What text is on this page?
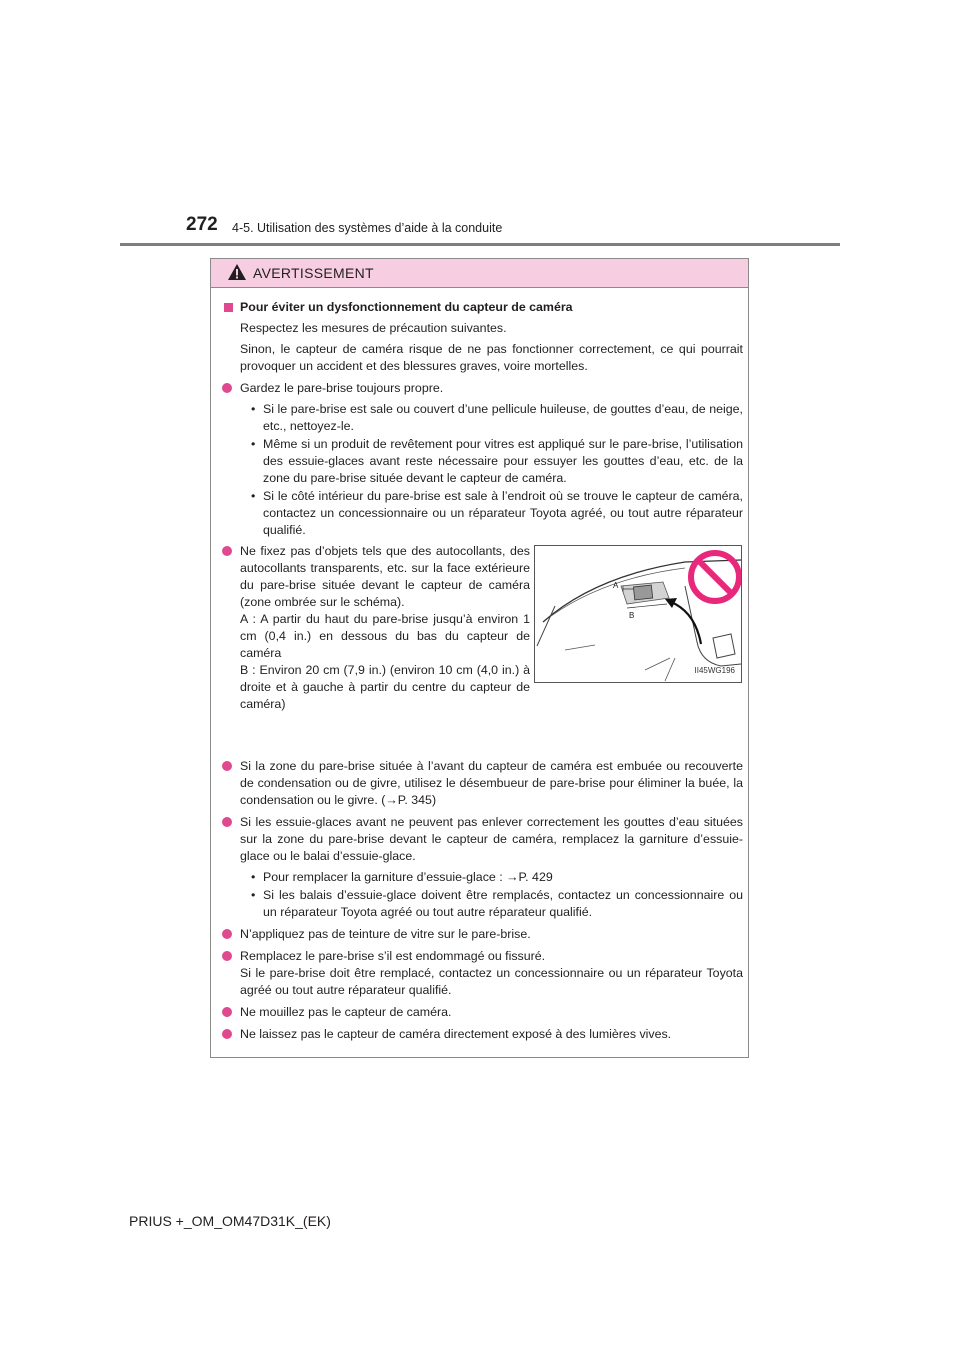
272 4-5. Utilisation des systèmes d’aide à la conduite
AVERTISSEMENT

Pour éviter un dysfonctionnement du capteur de caméra

Respectez les mesures de précaution suivantes.

Sinon, le capteur de caméra risque de ne pas fonctionner correctement, ce qui pourrait provoquer un accident et des blessures graves, voire mortelles.

Gardez le pare-brise toujours propre.

• Si le pare-brise est sale ou couvert d’une pellicule huileuse, de gouttes d’eau, de neige, etc., nettoyez-le.

• Même si un produit de revêtement pour vitres est appliqué sur le pare-brise, l’utilisation des essuie-glaces avant reste nécessaire pour essuyer les gouttes d’eau, etc. de la zone du pare-brise située devant le capteur de caméra.

• Si le côté intérieur du pare-brise est sale à l’endroit où se trouve le capteur de caméra, contactez un concessionnaire ou un réparateur Toyota agréé, ou tout autre réparateur qualifié.

Ne fixez pas d’objets tels que des autocollants, des autocollants transparents, etc. sur la face extérieure du pare-brise située devant le capteur de caméra (zone ombrée sur le schéma).
A : A partir du haut du pare-brise jusqu’à environ 1 cm (0,4 in.) en dessous du bas du capteur de caméra
B : Environ 20 cm (7,9 in.) (environ 10 cm (4,0 in.) à droite et à gauche à partir du centre du capteur de caméra)
A
B
II45WG196

Si la zone du pare-brise située à l’avant du capteur de caméra est embuée ou recouverte de condensation ou de givre, utilisez le désembueur de pare-brise pour éliminer la buée, la condensation ou le givre. (→P. 345)

Si les essuie-glaces avant ne peuvent pas enlever correctement les gouttes d’eau situées sur la zone du pare-brise devant le capteur de caméra, remplacez la garniture d’essuie-glace ou le balai d’essuie-glace.

• Pour remplacer la garniture d’essuie-glace : →P. 429

• Si les balais d’essuie-glace doivent être remplacés, contactez un concessionnaire ou un réparateur Toyota agréé ou tout autre réparateur qualifié.

N’appliquez pas de teinture de vitre sur le pare-brise.

Remplacez le pare-brise s’il est endommagé ou fissuré.
Si le pare-brise doit être remplacé, contactez un concessionnaire ou un réparateur Toyota agréé ou tout autre réparateur qualifié.

Ne mouillez pas le capteur de caméra.

Ne laissez pas le capteur de caméra directement exposé à des lumières vives.

PRIUS +_OM_OM47D31K_(EK)
